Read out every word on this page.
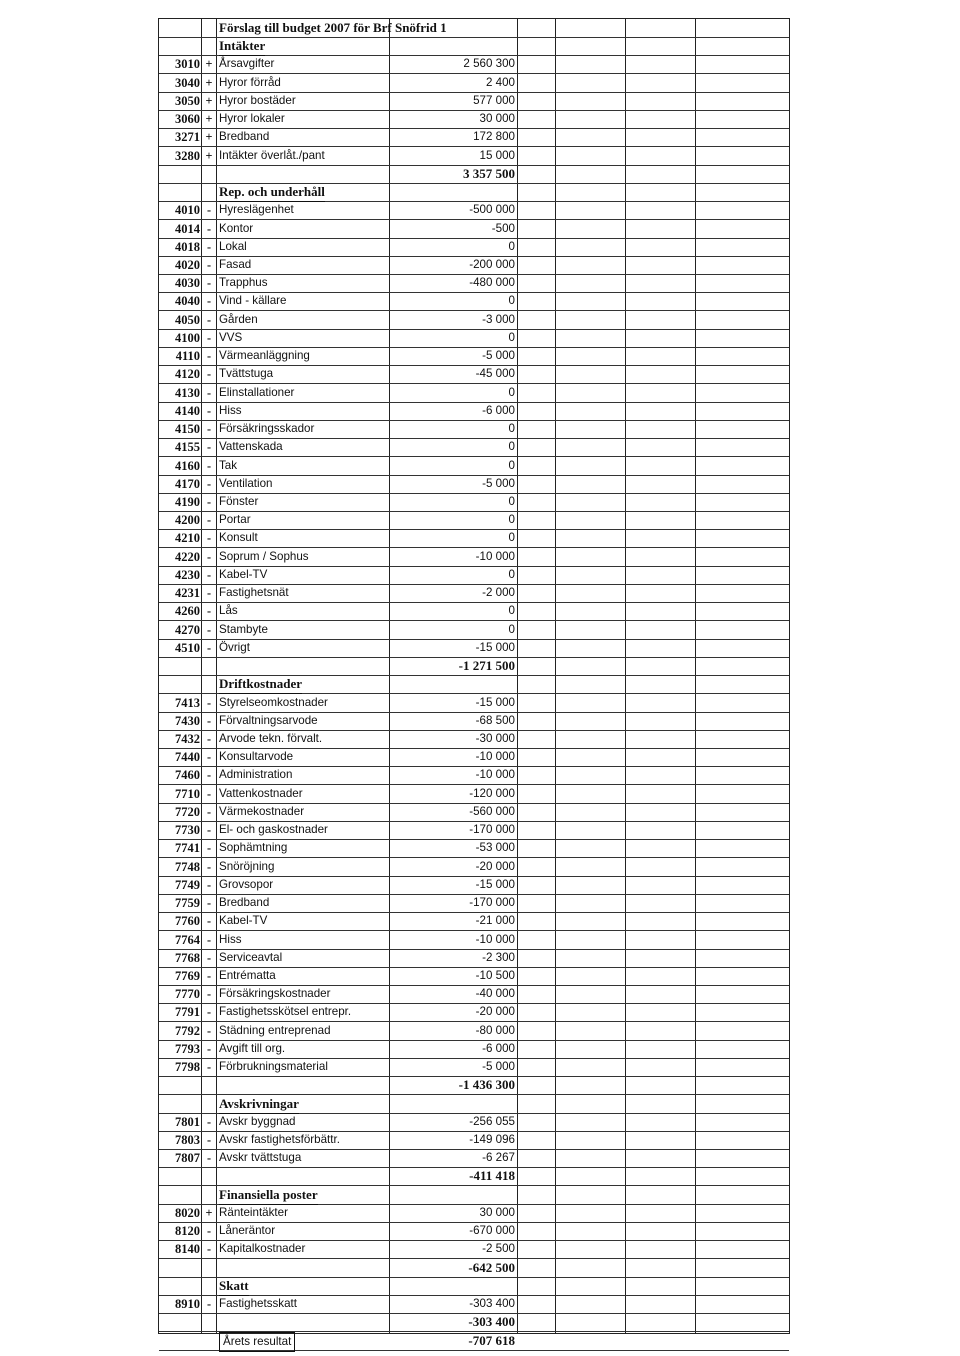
Förslag till budget 2007 för Brf Snöfrid 1
Intäkter
3010 + Årsavgifter	2 560 300
3040 + Hyror förråd	2 400
3050 + Hyror bostäder	577 000
3060 + Hyror lokaler	30 000
3271 + Bredband	172 800
3280 + Intäkter överlåt./pant	15 000
3 357 500
Rep. och underhåll
4010 - Hyreslägenhet	-500 000
4014 - Kontor	-500
4018 - Lokal	0
4020 - Fasad	-200 000
4030 - Trapphus	-480 000
4040 - Vind - källare	0
4050 - Gården	-3 000
4100 - VVS	0
4110 - Värmeanläggning	-5 000
4120 - Tvättstuga	-45 000
4130 - Elinstallationer	0
4140 - Hiss	-6 000
4150 - Försäkringsskador	0
4155 - Vattenskada	0
4160 - Tak	0
4170 - Ventilation	-5 000
4190 - Fönster	0
4200 - Portar	0
4210 - Konsult	0
4220 - Soprum / Sophus	-10 000
4230 - Kabel-TV	0
4231 - Fastighetsnät	-2 000
4260 - Lås	0
4270 - Stambyte	0
4510 - Övrigt	-15 000
-1 271 500
Driftkostnader
7413 - Styrelseomkostnader	-15 000
7430 - Förvaltningsarvode	-68 500
7432 - Arvode tekn. förvalt.	-30 000
7440 - Konsultarvode	-10 000
7460 - Administration	-10 000
7710 - Vattenkostnader	-120 000
7720 - Värmekostnader	-560 000
7730 - El- och gaskostnader	-170 000
7741 - Sophämtning	-53 000
7748 - Snöröjning	-20 000
7749 - Grovsopor	-15 000
7759 - Bredband	-170 000
7760 - Kabel-TV	-21 000
7764 - Hiss	-10 000
7768 - Serviceavtal	-2 300
7769 - Entrématta	-10 500
7770 - Försäkringskostnader	-40 000
7791 - Fastighetsskötsel entrepr.	-20 000
7792 - Städning entreprenad	-80 000
7793 - Avgift till org.	-6 000
7798 - Förbrukningsmaterial	-5 000
-1 436 300
Avskrivningar
7801 - Avskr byggnad	-256 055
7803 - Avskr fastighetsförbättr.	-149 096
7807 - Avskr tvättstuga	-6 267
-411 418
Finansiella poster
8020 + Ränteintäkter	30 000
8120 - Låneräntor	-670 000
8140 - Kapitalkostnader	-2 500
-642 500
Skatt
8910 - Fastighetsskatt	-303 400
-303 400
Årets resultat	-707 618
